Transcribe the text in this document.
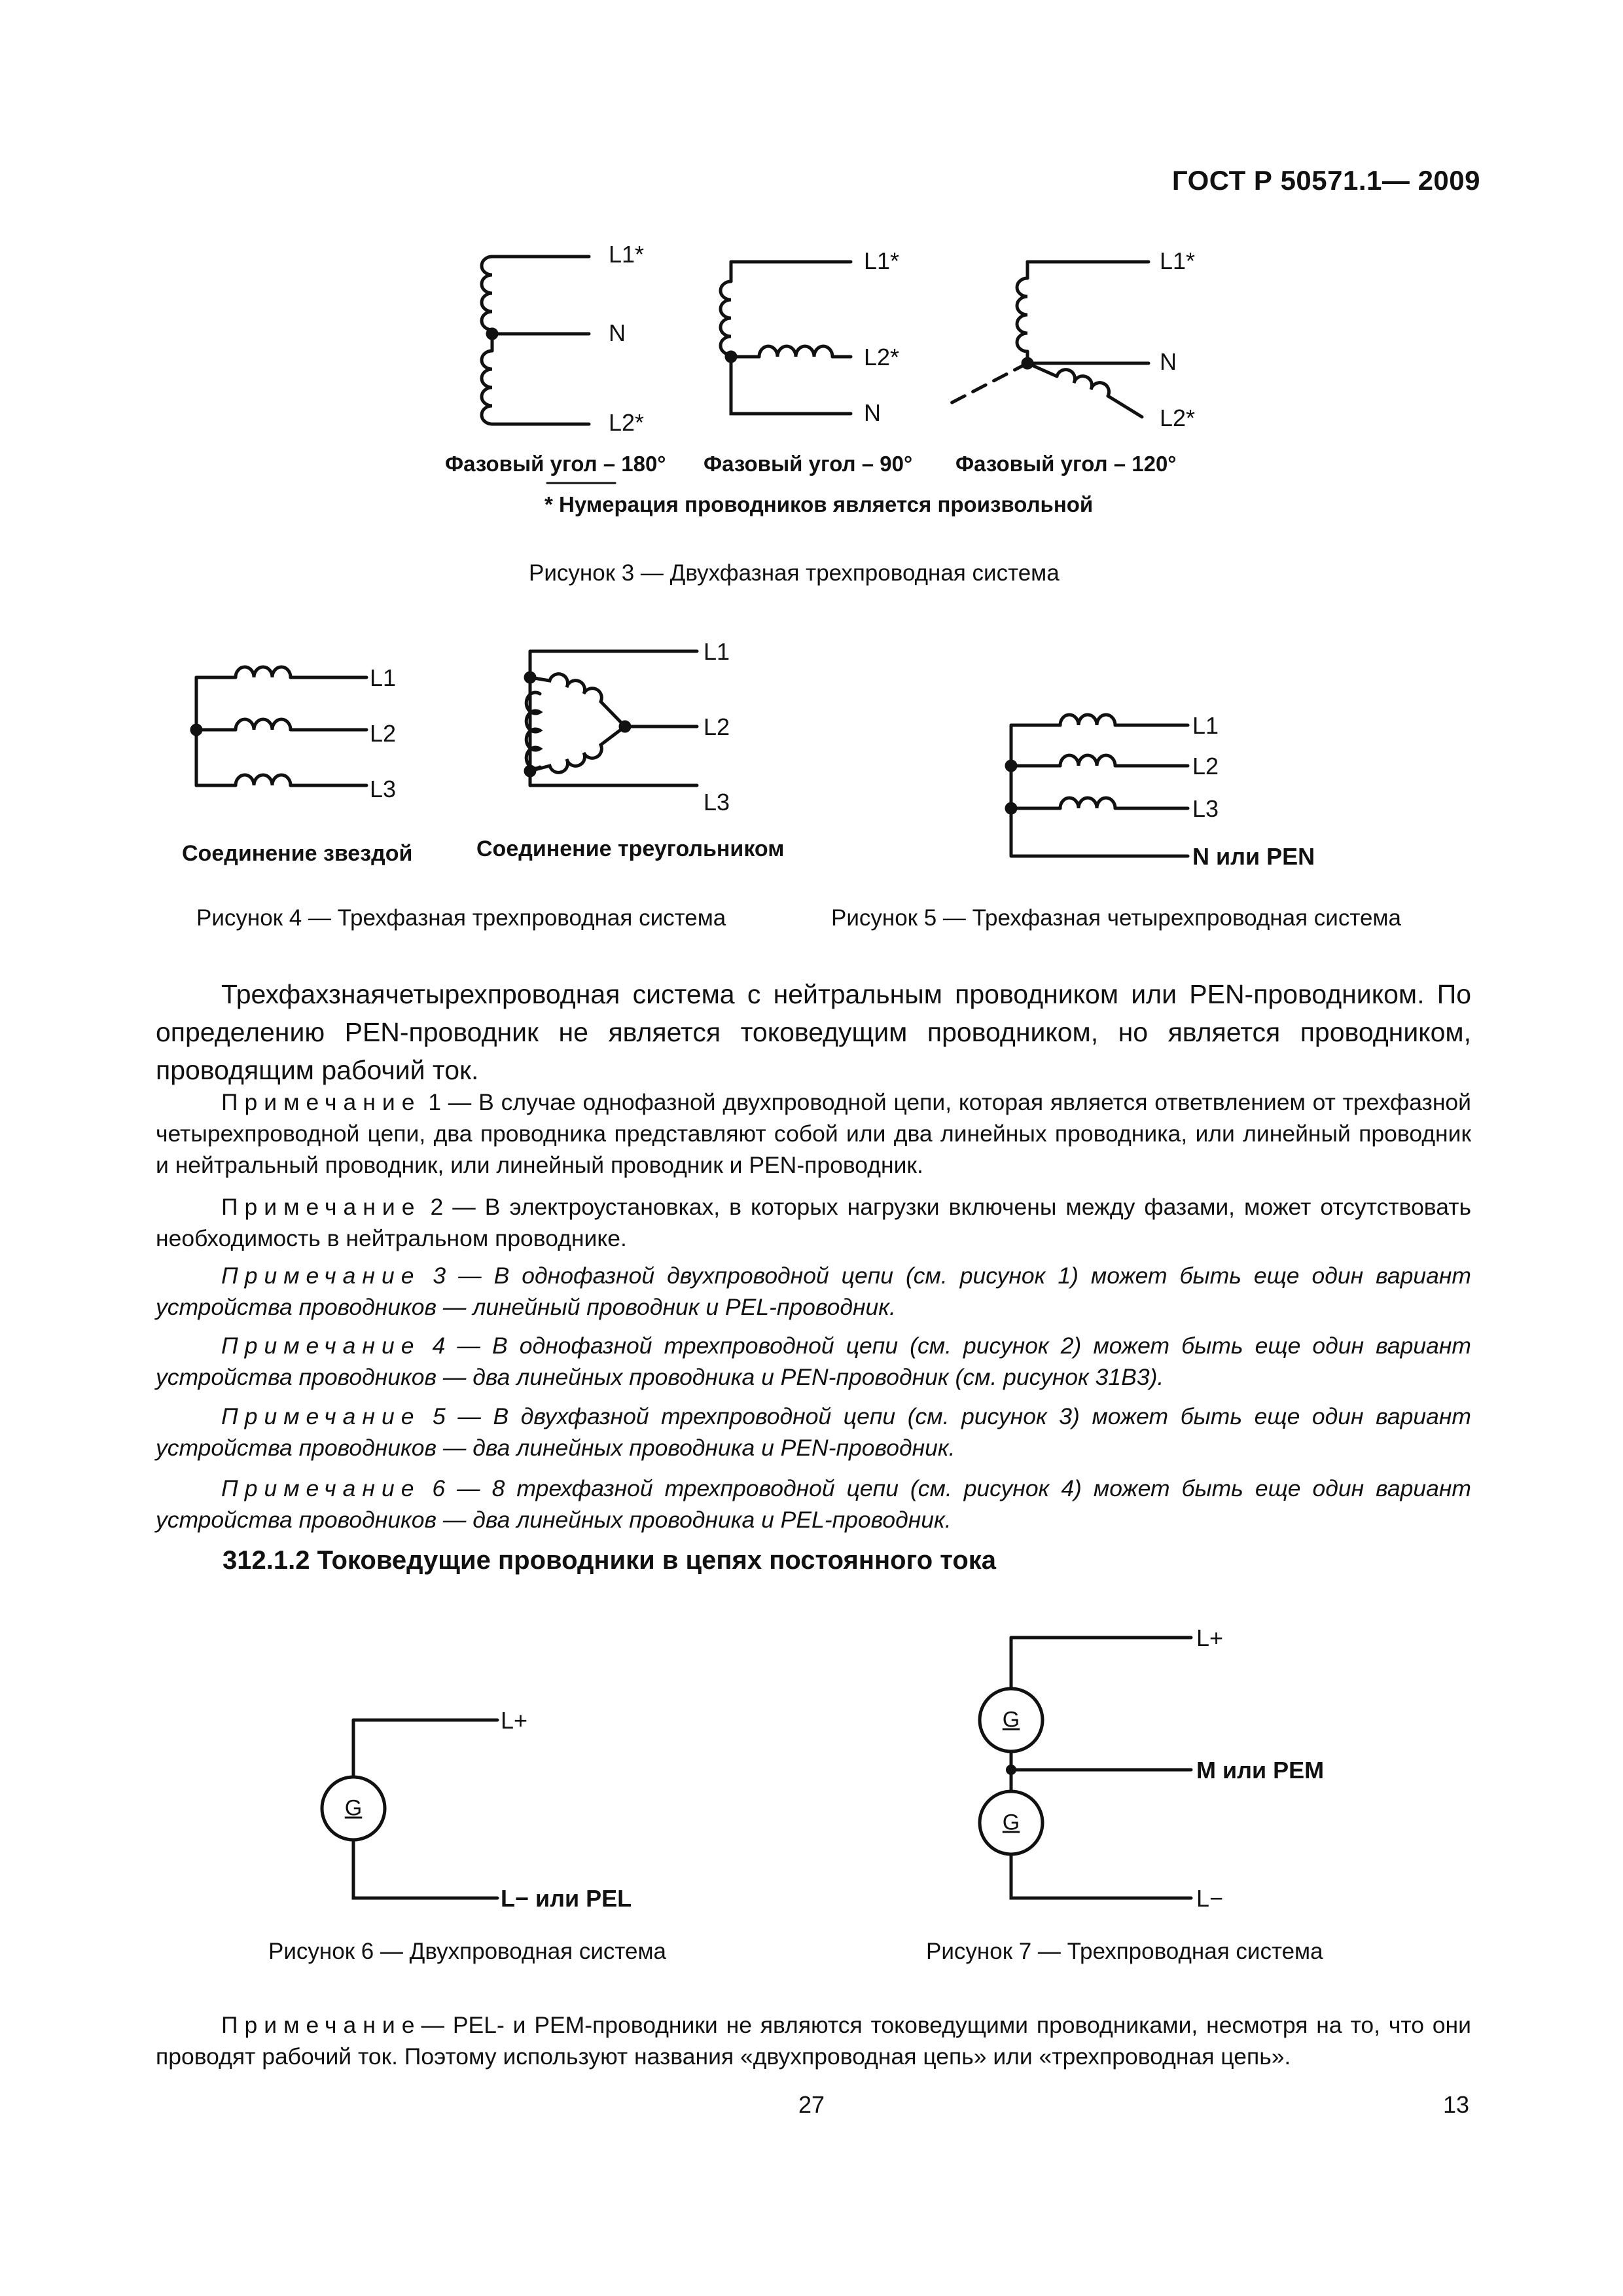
ГОСТ Р 50571.1— 2009
L1*
N
L2*
L1*
L2*
N
L1*
N
L2*
Фазовый угол – 180° Фазовый угол – 90° Фазовый угол – 120°
* Нумерация проводников является произвольной
Рисунок 3 — Двухфазная трехпроводная система
L1
L2
L3
L1
L2
L3
Соединение звездой	Соединение треугольником
L1
L2
L3
N или PEN
Рисунок 4 — Трехфазная трехпроводная система	Рисунок 5 — Трехфазная четырехпроводная система
Трехфахзнаячетырехпроводная система с нейтральным проводником или PEN-проводником. По определению PEN-проводник не является токоведущим проводником, но является проводником, проводящим рабочий ток.
Примечание 1 — В случае однофазной двухпроводной цепи, которая является ответвлением от трехфазной четырехпроводной цепи, два проводника представляют собой или два линейных проводника, или линейный проводник и нейтральный проводник, или линейный проводник и PEN-проводник.
Примечание 2 — В электроустановках, в которых нагрузки включены между фазами, может отсутствовать необходимость в нейтральном проводнике.
Примечание 3 — В однофазной двухпроводной цепи (см. рисунок 1) может быть еще один вариант устройства проводников — линейный проводник и PEL-проводник.
Примечание 4 — В однофазной трехпроводной цепи (см. рисунок 2) может быть еще один вариант устройства проводников — два линейных проводника и PEN-проводник (см. рисунок 31В3).
Примечание 5 — В двухфазной трехпроводной цепи (см. рисунок 3) может быть еще один вариант устройства проводников — два линейных проводника и PEN-проводник.
Примечание 6 — 8 трехфазной трехпроводной цепи (см. рисунок 4) может быть еще один вариант устройства проводников — два линейных проводника и PEL-проводник.
312.1.2 Токоведущие проводники в цепях постоянного тока
L+
L− или PEL
G
L+
M или PEM
L−
G
G
Рисунок 6 — Двухпроводная система	Рисунок 7 — Трехпроводная система
Примечание— PEL- и PEM-проводники не являются токоведущими проводниками, несмотря на то, что они проводят рабочий ток. Поэтому используют названия «двухпроводная цепь» или «трехпроводная цепь».
27	13
